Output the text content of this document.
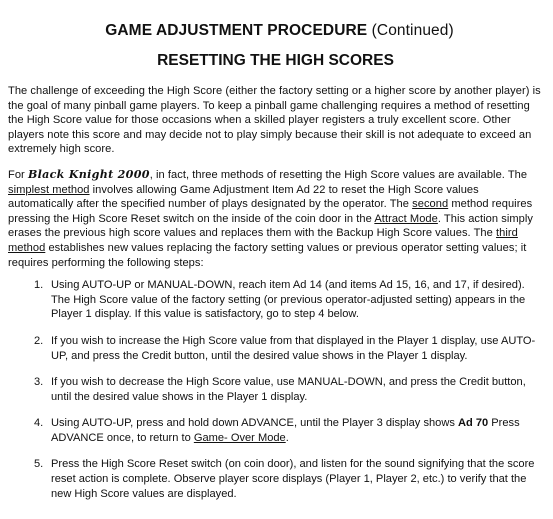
GAME ADJUSTMENT PROCEDURE (Continued)
RESETTING THE HIGH SCORES

The challenge of exceeding the High Score (either the factory setting or a higher score by another player) is the goal of many pinball game players. To keep a pinball game challenging requires a method of resetting the High Score value for those occasions when a skilled player registers a truly excellent score. Other players note this score and may decide not to play simply because their skill is not adequate to exceed an extremely high score.

For Black Knight 2000, in fact, three methods of resetting the High Score values are available. The simplest method involves allowing Game Adjustment Item Ad 22 to reset the High Score values automatically after the specified number of plays designated by the operator. The second method requires pressing the High Score Reset switch on the inside of the coin door in the Attract Mode. This action simply erases the previous high score values and replaces them with the Backup High Score values. The third method establishes new values replacing the factory setting values or previous operator setting values; it requires performing the following steps:

1. Using AUTO-UP or MANUAL-DOWN, reach item Ad 14 (and items Ad 15, 16, and 17, if desired). The High Score value of the factory setting (or previous operator-adjusted setting) appears in the Player 1 display. If this value is satisfactory, go to step 4 below.
2. If you wish to increase the High Score value from that displayed in the Player 1 display, use AUTO-UP, and press the Credit button, until the desired value shows in the Player 1 display.
3. If you wish to decrease the High Score value, use MANUAL-DOWN, and press the Credit button, until the desired value shows in the Player 1 display.
4. Using AUTO-UP, press and hold down ADVANCE, until the Player 3 display shows Ad 70 Press ADVANCE once, to return to Game- Over Mode.
5. Press the High Score Reset switch (on coin door), and listen for the sound signifying that the score reset action is complete. Observe player score displays (Player 1, Player 2, etc.) to verify that the new High Score values are displayed.
